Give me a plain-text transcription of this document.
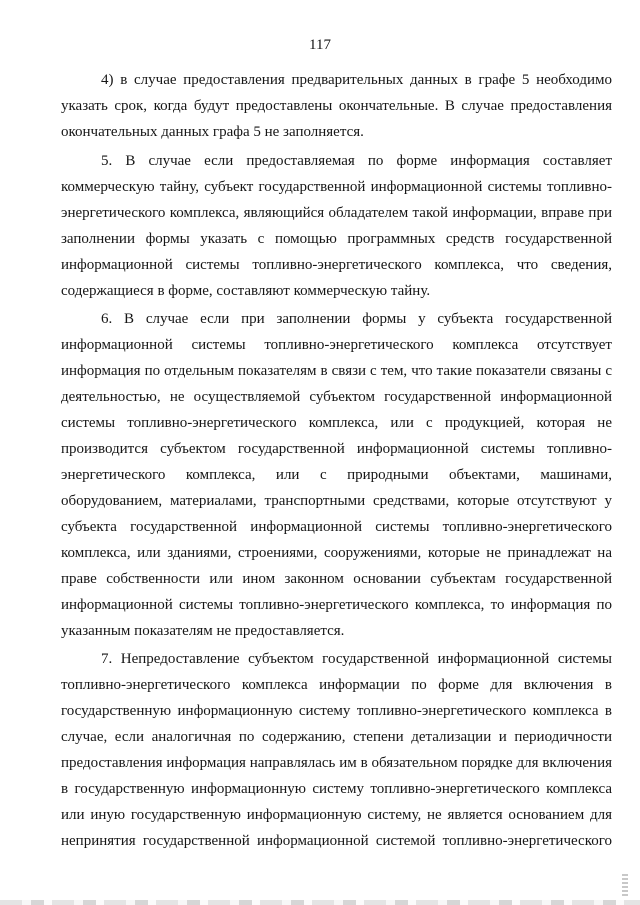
117
4) в случае предоставления предварительных данных в графе 5 необходимо
указать срок, когда будут предоставлены окончательные. В случае предоставления
окончательных данных графа 5 не заполняется.
5. В случае если предоставляемая по форме информация составляет
коммерческую тайну, субъект государственной информационной системы топливно-
энергетического комплекса, являющийся обладателем такой информации, вправе при
заполнении формы указать с помощью программных средств государственной
информационной системы топливно-энергетического комплекса, что сведения,
содержащиеся в форме, составляют коммерческую тайну.
6. В случае если при заполнении формы у субъекта государственной
информационной системы топливно-энергетического комплекса отсутствует
информация по отдельным показателям в связи с тем, что такие показатели связаны с
деятельностью, не осуществляемой субъектом государственной информационной
системы топливно-энергетического комплекса, или с продукцией, которая не
производится субъектом государственной информационной системы топливно-
энергетического комплекса, или с природными объектами, машинами,
оборудованием, материалами, транспортными средствами, которые отсутствуют у
субъекта государственной информационной системы топливно-энергетического
комплекса, или зданиями, строениями, сооружениями, которые не принадлежат на
праве собственности или ином законном основании субъектам государственной
информационной системы топливно-энергетического комплекса, то информация по
указанным показателям не предоставляется.
7. Непредоставление субъектом государственной информационной системы
топливно-энергетического комплекса информации по форме для включения в
государственную информационную систему топливно-энергетического комплекса в
случае, если аналогичная по содержанию, степени детализации и периодичности
предоставления информация направлялась им в обязательном порядке для включения
в государственную информационную систему топливно-энергетического комплекса
или иную государственную информационную систему, не является основанием для
непринятия государственной информационной системой топливно-энергетического
